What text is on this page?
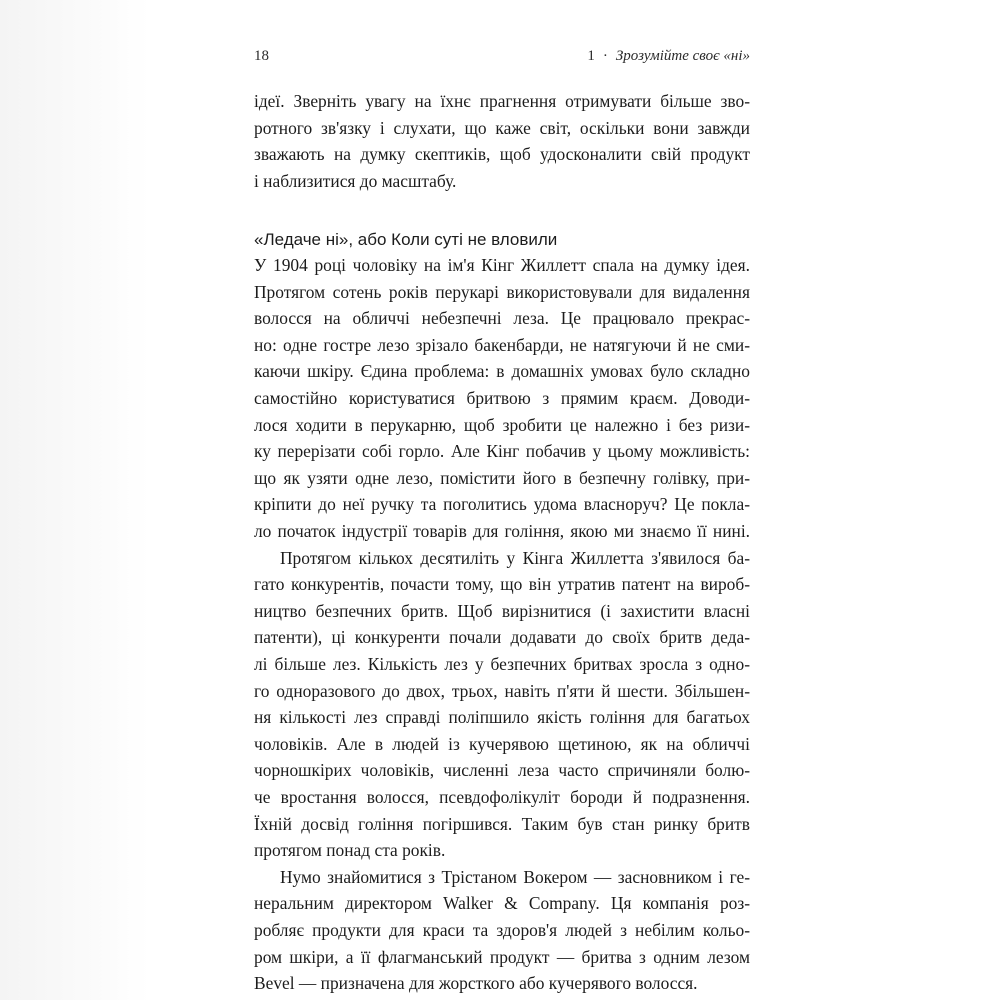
18	1 · Зрозумійте своє «ні»
ідеї. Зверніть увагу на їхнє прагнення отримувати більше зво-
ротного зв'язку і слухати, що каже світ, оскільки вони завжди
зважають на думку скептиків, щоб удосконалити свій продукт
і наблизитися до масштабу.
«Ледаче ні», або Коли суті не вловили
У 1904 році чоловіку на ім'я Кінг Жиллетт спала на думку ідея.
Протягом сотень років перукарі використовували для видалення
волосся на обличчі небезпечні леза. Це працювало прекрас-
но: одне гостре лезо зрізало бакенбарди, не натягуючи й не сми-
каючи шкіру. Єдина проблема: в домашніх умовах було складно
самостійно користуватися бритвою з прямим краєм. Доводи-
лося ходити в перукарню, щоб зробити це належно і без ризи-
ку перерізати собі горло. Але Кінг побачив у цьому можливість:
що як узяти одне лезо, помістити його в безпечну голівку, при-
кріпити до неї ручку та поголитись удома власноруч? Це покла-
ло початок індустрії товарів для гоління, якою ми знаємо її нині.
Протягом кількох десятиліть у Кінга Жиллетта з'явилося ба-
гато конкурентів, почасти тому, що він утратив патент на вироб-
ництво безпечних бритв. Щоб вирізнитися (і захистити власні
патенти), ці конкуренти почали додавати до своїх бритв деда-
лі більше лез. Кількість лез у безпечних бритвах зросла з одно-
го одноразового до двох, трьох, навіть п'яти й шести. Збільшен-
ня кількості лез справді поліпшило якість гоління для багатьох
чоловіків. Але в людей із кучерявою щетиною, як на обличчі
чорношкірих чоловіків, численні леза часто спричиняли болю-
че вростання волосся, псевдофолікуліт бороди й подразнення.
Їхній досвід гоління погіршився. Таким був стан ринку бритв
протягом понад ста років.
Нумо знайомитися з Трістаном Вокером — засновником і ге-
неральним директором Walker & Company. Ця компанія роз-
робляє продукти для краси та здоров'я людей з небілим кольо-
ром шкіри, а її флагманський продукт — бритва з одним лезом
Bevel — призначена для жорсткого або кучерявого волосся.
